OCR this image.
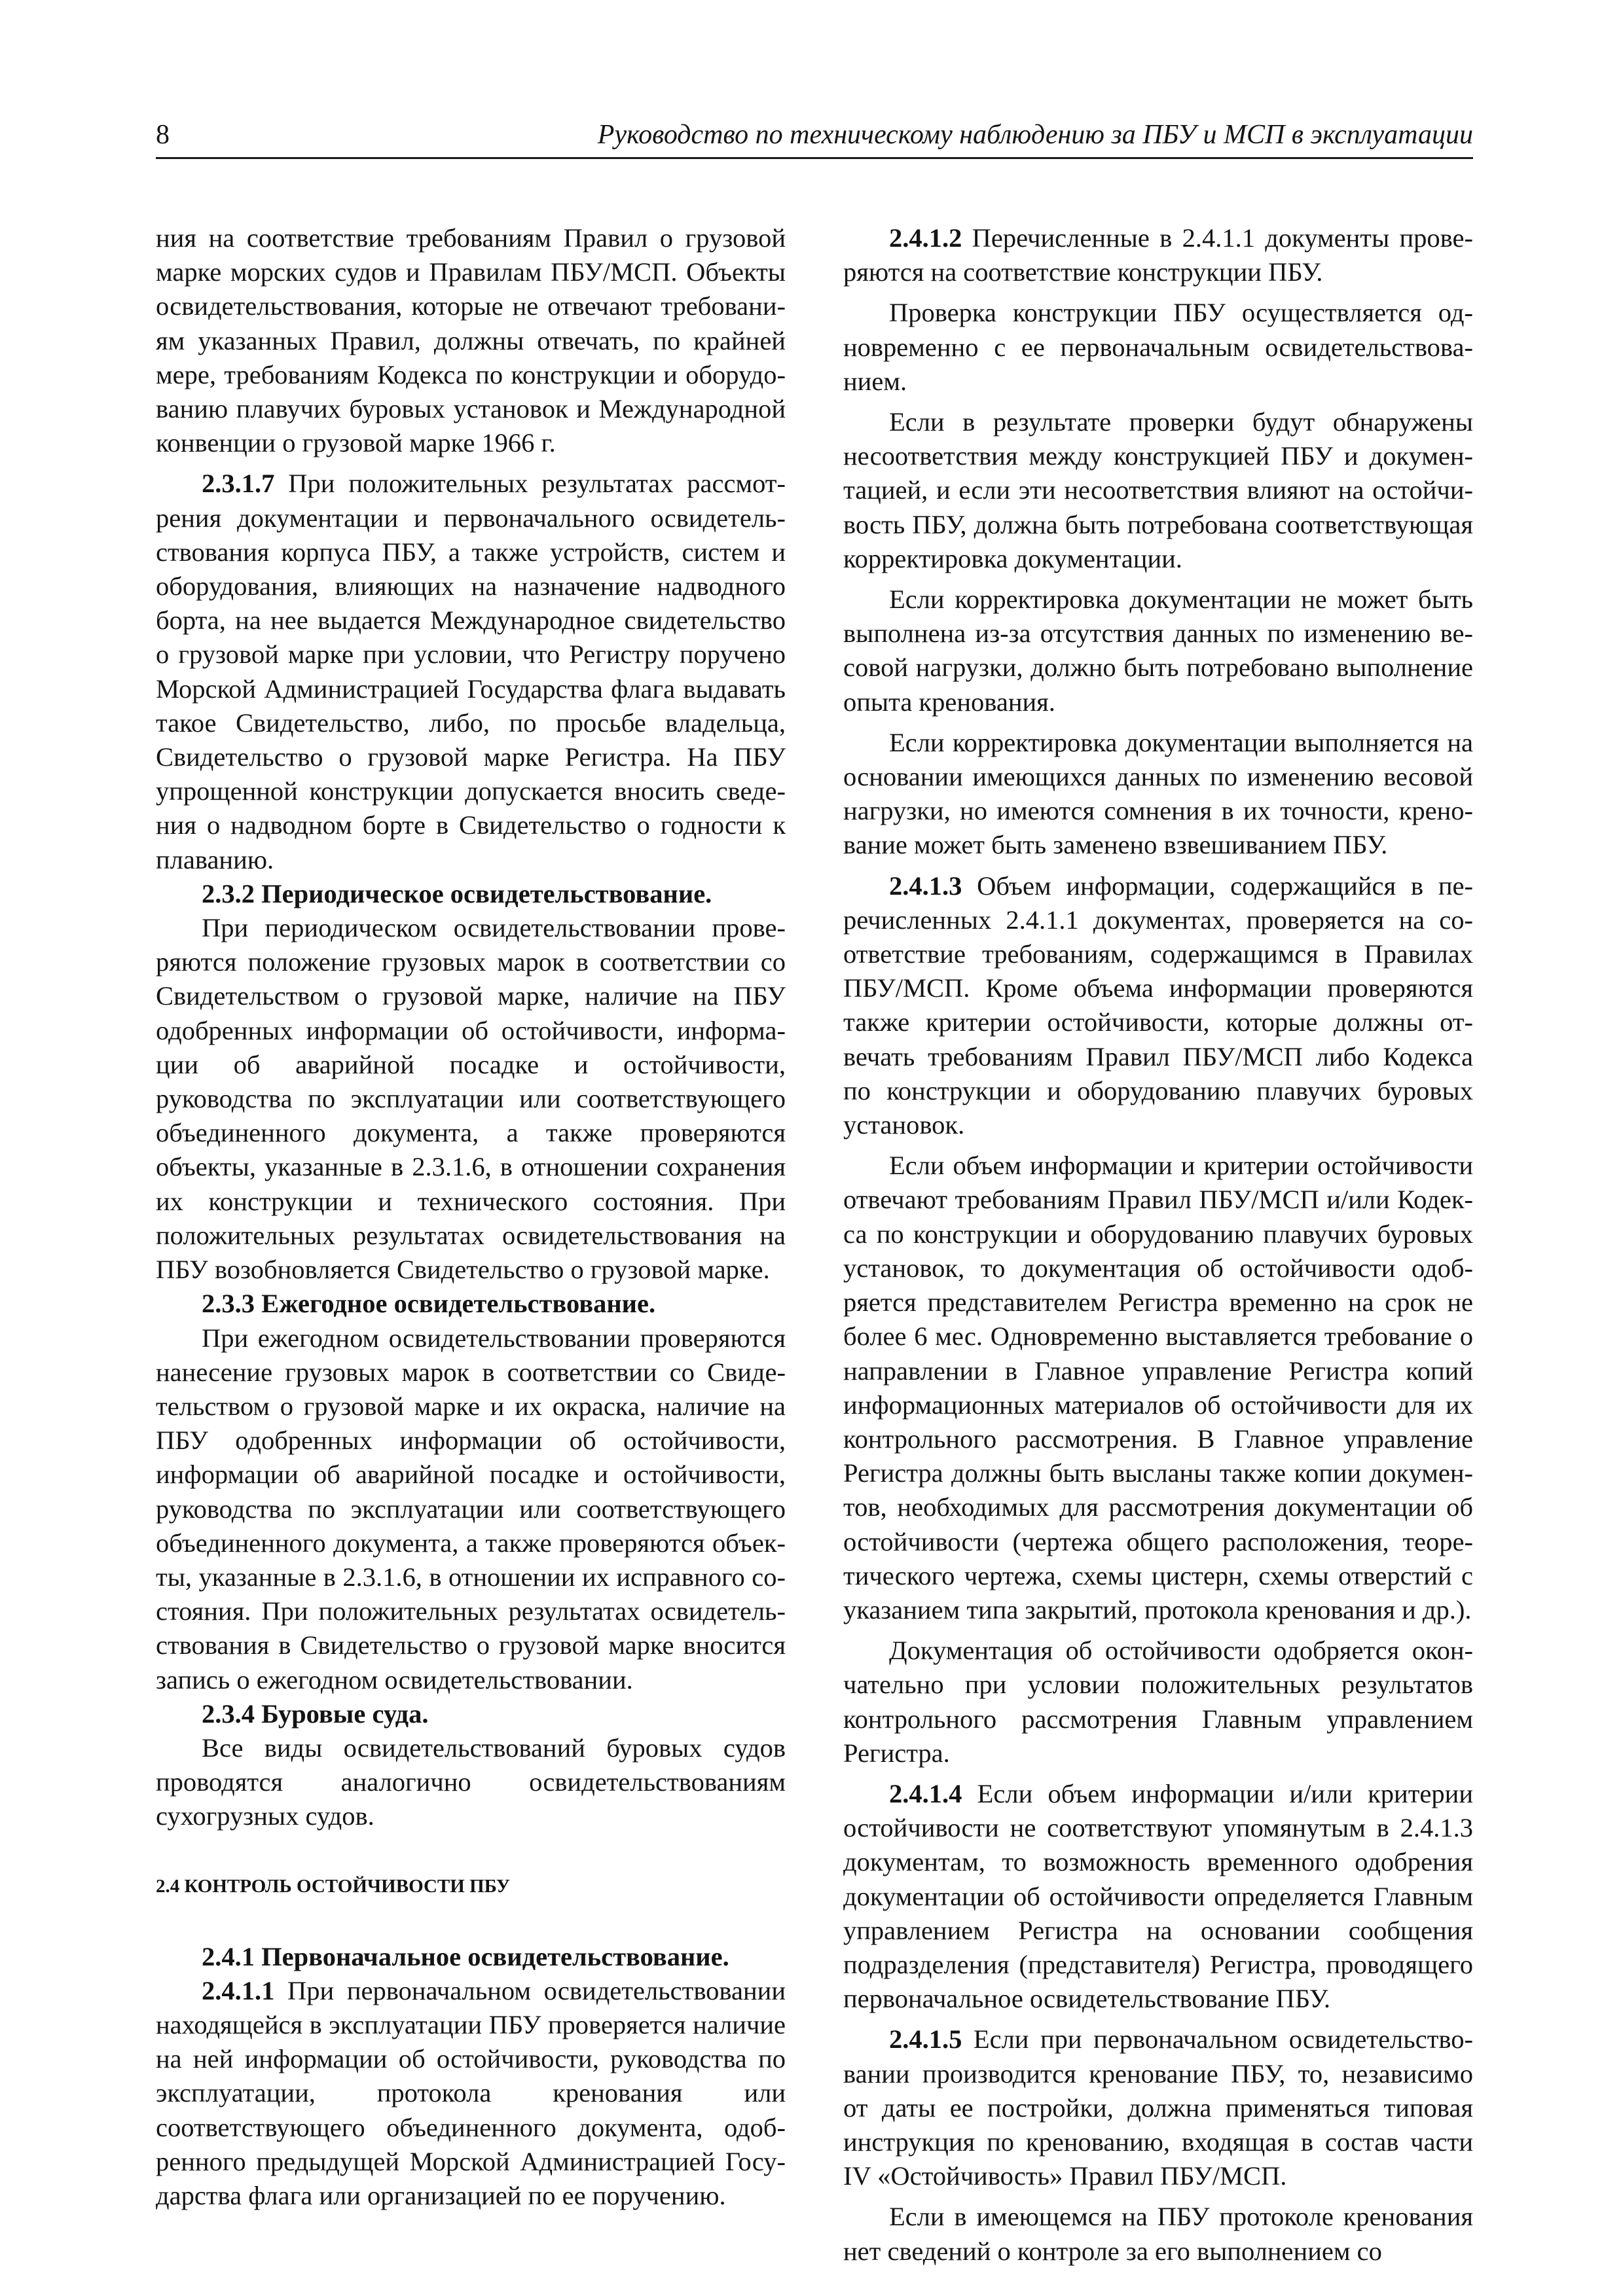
8	Руководство по техническому наблюдению за ПБУ и МСП в эксплуатации

ния на соответствие требованиям Правил о грузовой марке морских судов и Правилам ПБУ/МСП. Объекты освидетельствования, которые не отвечают требованиям указанных Правил, должны отвечать, по крайней мере, требованиям Кодекса по конструкции и оборудованию плавучих буровых установок и Международной конвенции о грузовой марке 1966 г.

2.3.1.7 При положительных результатах рассмотрения документации и первоначального освидетельствования корпуса ПБУ, а также устройств, систем и оборудования, влияющих на назначение надводного борта, на нее выдается Международное свидетельство о грузовой марке при условии, что Регистру поручено Морской Администрацией Государства флага выдавать такое Свидетельство, либо, по просьбе владельца, Свидетельство о грузовой марке Регистра. На ПБУ упрощенной конструкции допускается вносить сведения о надводном борте в Свидетельство о годности к плаванию.

2.3.2 Периодическое освидетельствование.

При периодическом освидетельствовании проверяются положение грузовых марок в соответствии со Свидетельством о грузовой марке, наличие на ПБУ одобренных информации об остойчивости, информации об аварийной посадке и остойчивости, руководства по эксплуатации или соответствующего объединенного документа, а также проверяются объекты, указанные в 2.3.1.6, в отношении сохранения их конструкции и технического состояния. При положительных результатах освидетельствования на ПБУ возобновляется Свидетельство о грузовой марке.

2.3.3 Ежегодное освидетельствование.

При ежегодном освидетельствовании проверяются нанесение грузовых марок в соответствии со Свидетельством о грузовой марке и их окраска, наличие на ПБУ одобренных информации об остойчивости, информации об аварийной посадке и остойчивости, руководства по эксплуатации или соответствующего объединенного документа, а также проверяются объекты, указанные в 2.3.1.6, в отношении их исправного состояния. При положительных результатах освидетельствования в Свидетельство о грузовой марке вносится запись о ежегодном освидетельствовании.

2.3.4 Буровые суда.

Все виды освидетельствований буровых судов проводятся аналогично освидетельствованиям сухогрузных судов.

2.4 КОНТРОЛЬ ОСТОЙЧИВОСТИ ПБУ

2.4.1 Первоначальное освидетельствование.

2.4.1.1 При первоначальном освидетельствовании находящейся в эксплуатации ПБУ проверяется наличие на ней информации об остойчивости, руководства по эксплуатации, протокола кренования или соответствующего объединенного документа, одобренного предыдущей Морской Администрацией Государства флага или организацией по ее поручению.

2.4.1.2 Перечисленные в 2.4.1.1 документы проверяются на соответствие конструкции ПБУ.

Проверка конструкции ПБУ осуществляется одновременно с ее первоначальным освидетельствованием.

Если в результате проверки будут обнаружены несоответствия между конструкцией ПБУ и документацией, и если эти несоответствия влияют на остойчивость ПБУ, должна быть потребована соответствующая корректировка документации.

Если корректировка документации не может быть выполнена из-за отсутствия данных по изменению весовой нагрузки, должно быть потребовано выполнение опыта кренования.

Если корректировка документации выполняется на основании имеющихся данных по изменению весовой нагрузки, но имеются сомнения в их точности, кренование может быть заменено взвешиванием ПБУ.

2.4.1.3 Объем информации, содержащийся в перечисленных 2.4.1.1 документах, проверяется на соответствие требованиям, содержащимся в Правилах ПБУ/МСП. Кроме объема информации проверяются также критерии остойчивости, которые должны отвечать требованиям Правил ПБУ/МСП либо Кодекса по конструкции и оборудованию плавучих буровых установок.

Если объем информации и критерии остойчивости отвечают требованиям Правил ПБУ/МСП и/или Кодекса по конструкции и оборудованию плавучих буровых установок, то документация об остойчивости одобряется представителем Регистра временно на срок не более 6 мес. Одновременно выставляется требование о направлении в Главное управление Регистра копий информационных материалов об остойчивости для их контрольного рассмотрения. В Главное управление Регистра должны быть высланы также копии документов, необходимых для рассмотрения документации об остойчивости (чертежа общего расположения, теоретического чертежа, схемы цистерн, схемы отверстий с указанием типа закрытий, протокола кренования и др.).

Документация об остойчивости одобряется окончательно при условии положительных результатов контрольного рассмотрения Главным управлением Регистра.

2.4.1.4 Если объем информации и/или критерии остойчивости не соответствуют упомянутым в 2.4.1.3 документам, то возможность временного одобрения документации об остойчивости определяется Главным управлением Регистра на основании сообщения подразделения (представителя) Регистра, проводящего первоначальное освидетельствование ПБУ.

2.4.1.5 Если при первоначальном освидетельствовании производится кренование ПБУ, то, независимо от даты ее постройки, должна применяться типовая инструкция по кренованию, входящая в состав части IV «Остойчивость» Правил ПБУ/МСП.

Если в имеющемся на ПБУ протоколе кренования нет сведений о контроле за его выполнением со
